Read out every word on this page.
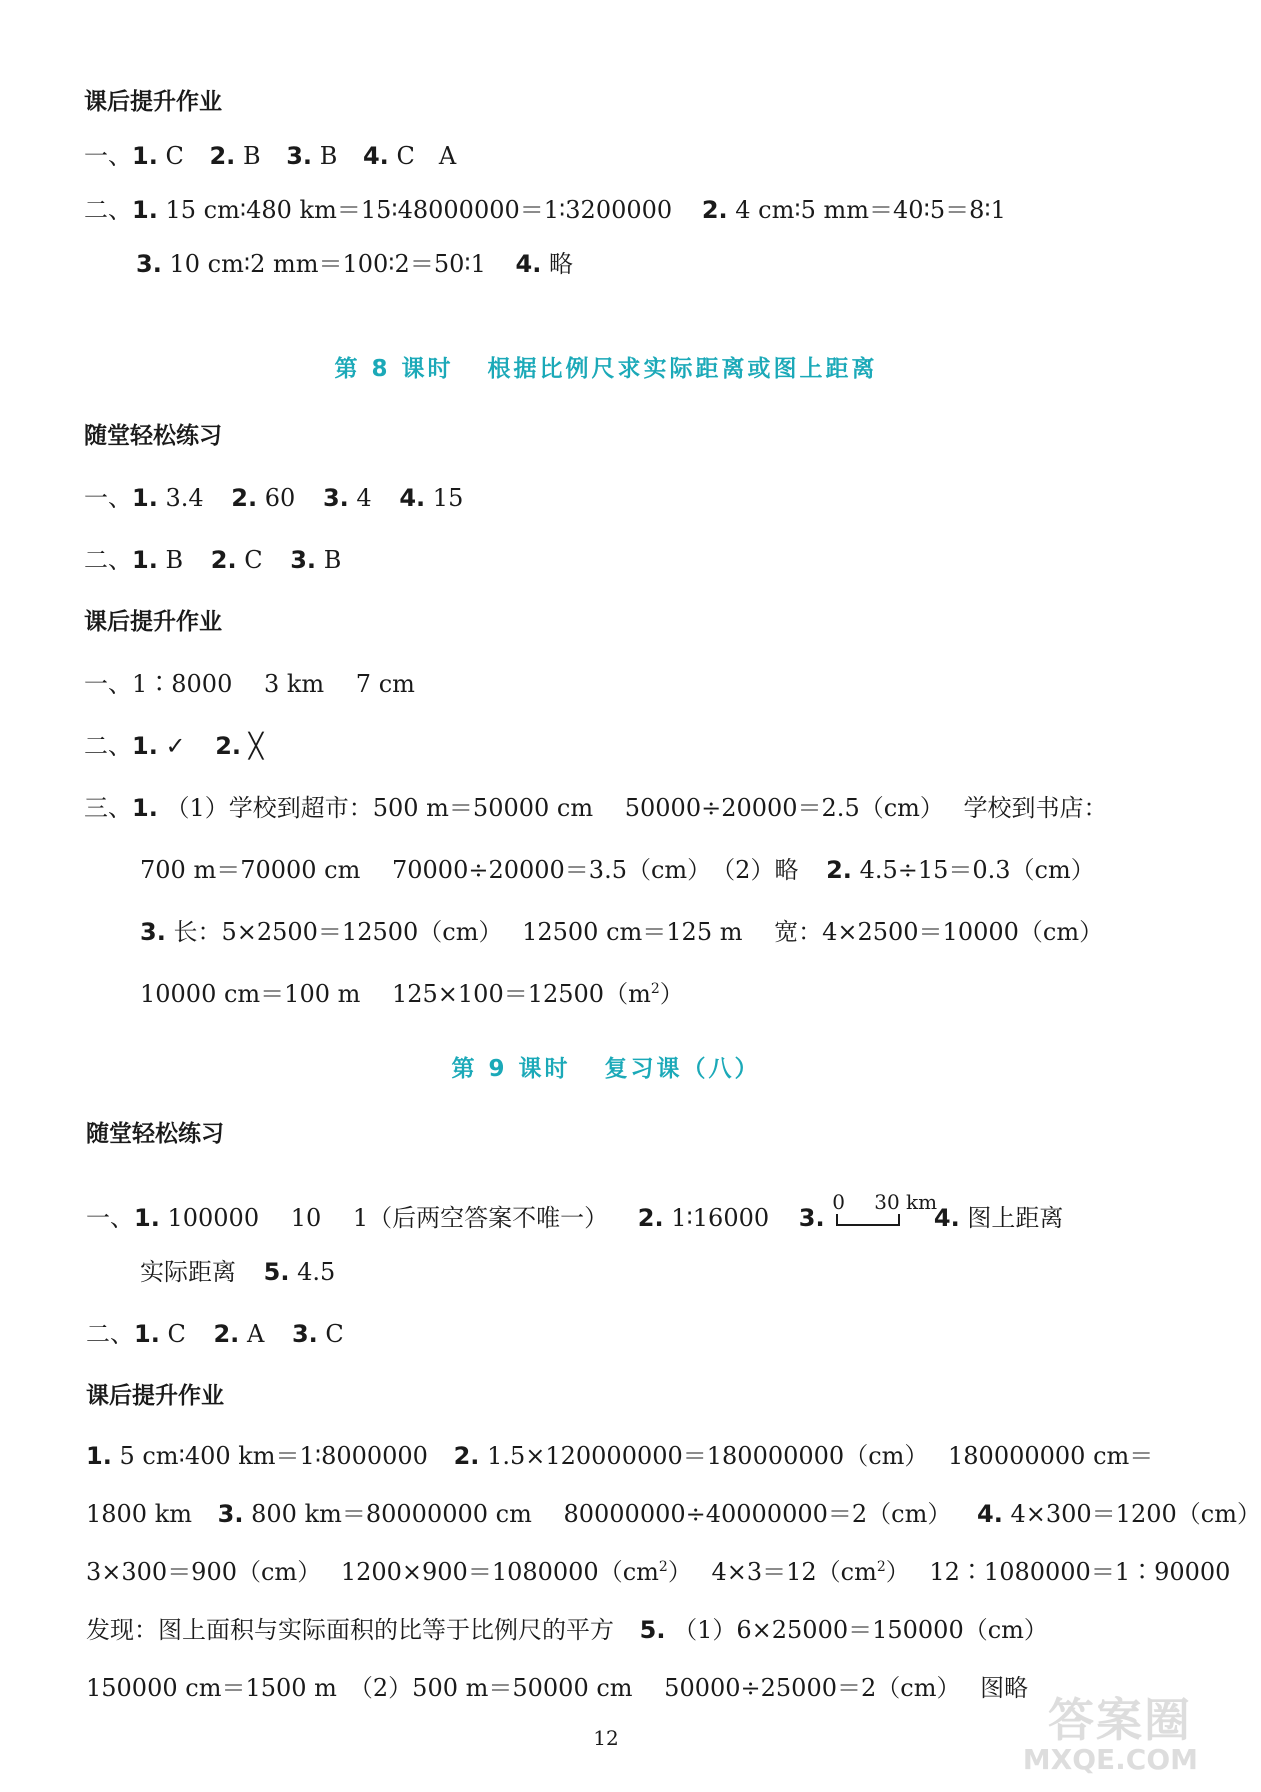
课后提升作业
一、1. C 2. B 3. B 4. C　A
二、1. 15 cm∶480 km＝15∶48000000＝1∶3200000 2. 4 cm∶5 mm＝40∶5＝8∶1
3. 10 cm∶2 mm＝100∶2＝50∶1 4. 略
第 8 课时 根据比例尺求实际距离或图上距离
随堂轻松练习
一、1. 3.4 2. 60 3. 4 4. 15
二、1. B 2. C 3. B
课后提升作业
一、1∶8000　 3 km　 7 cm
二、1. ✓ 2. ╳
三、1. （1）学校到超市：500 m＝50000 cm　 50000÷20000＝2.5（cm）　 学校到书店：
700 m＝70000 cm　 70000÷20000＝3.5（cm）　（2）略 2. 4.5÷15＝0.3（cm）
3. 长：5×2500＝12500（cm）　 12500 cm＝125 m　 宽：4×2500＝10000（cm）
10000 cm＝100 m　 $125\times 100=12500(m^2)$
第 9 课时 复习课（八）
随堂轻松练习
一、1. 100000　 10　 1（后两空答案不唯一） 2. 1∶16000 3.
0 30 km
4. 图上距离
实际距离 5. 4.5
二、1. C 2. A 3. C
课后提升作业
1. 5 cm∶400 km＝1∶8000000 2. 1.5×120000000＝180000000（cm）　 180000000 cm＝
1800 km 3. 800 km＝80000000 cm　 80000000÷40000000＝2（cm） 4. 4×300＝1200（cm）
3×300＝900（cm）　 $1200\times 900=1080000(cm^2)$　 $4\times 3=12(cm^2)$　 12∶1080000＝1∶90000
发现：图上面积与实际面积的比等于比例尺的平方 5. （1）6×25000＝150000（cm）
150000 cm＝1500 m　（2）500 m＝50000 cm　 50000÷25000＝2（cm）　 图略
12	答案圈
MXQE.COM
